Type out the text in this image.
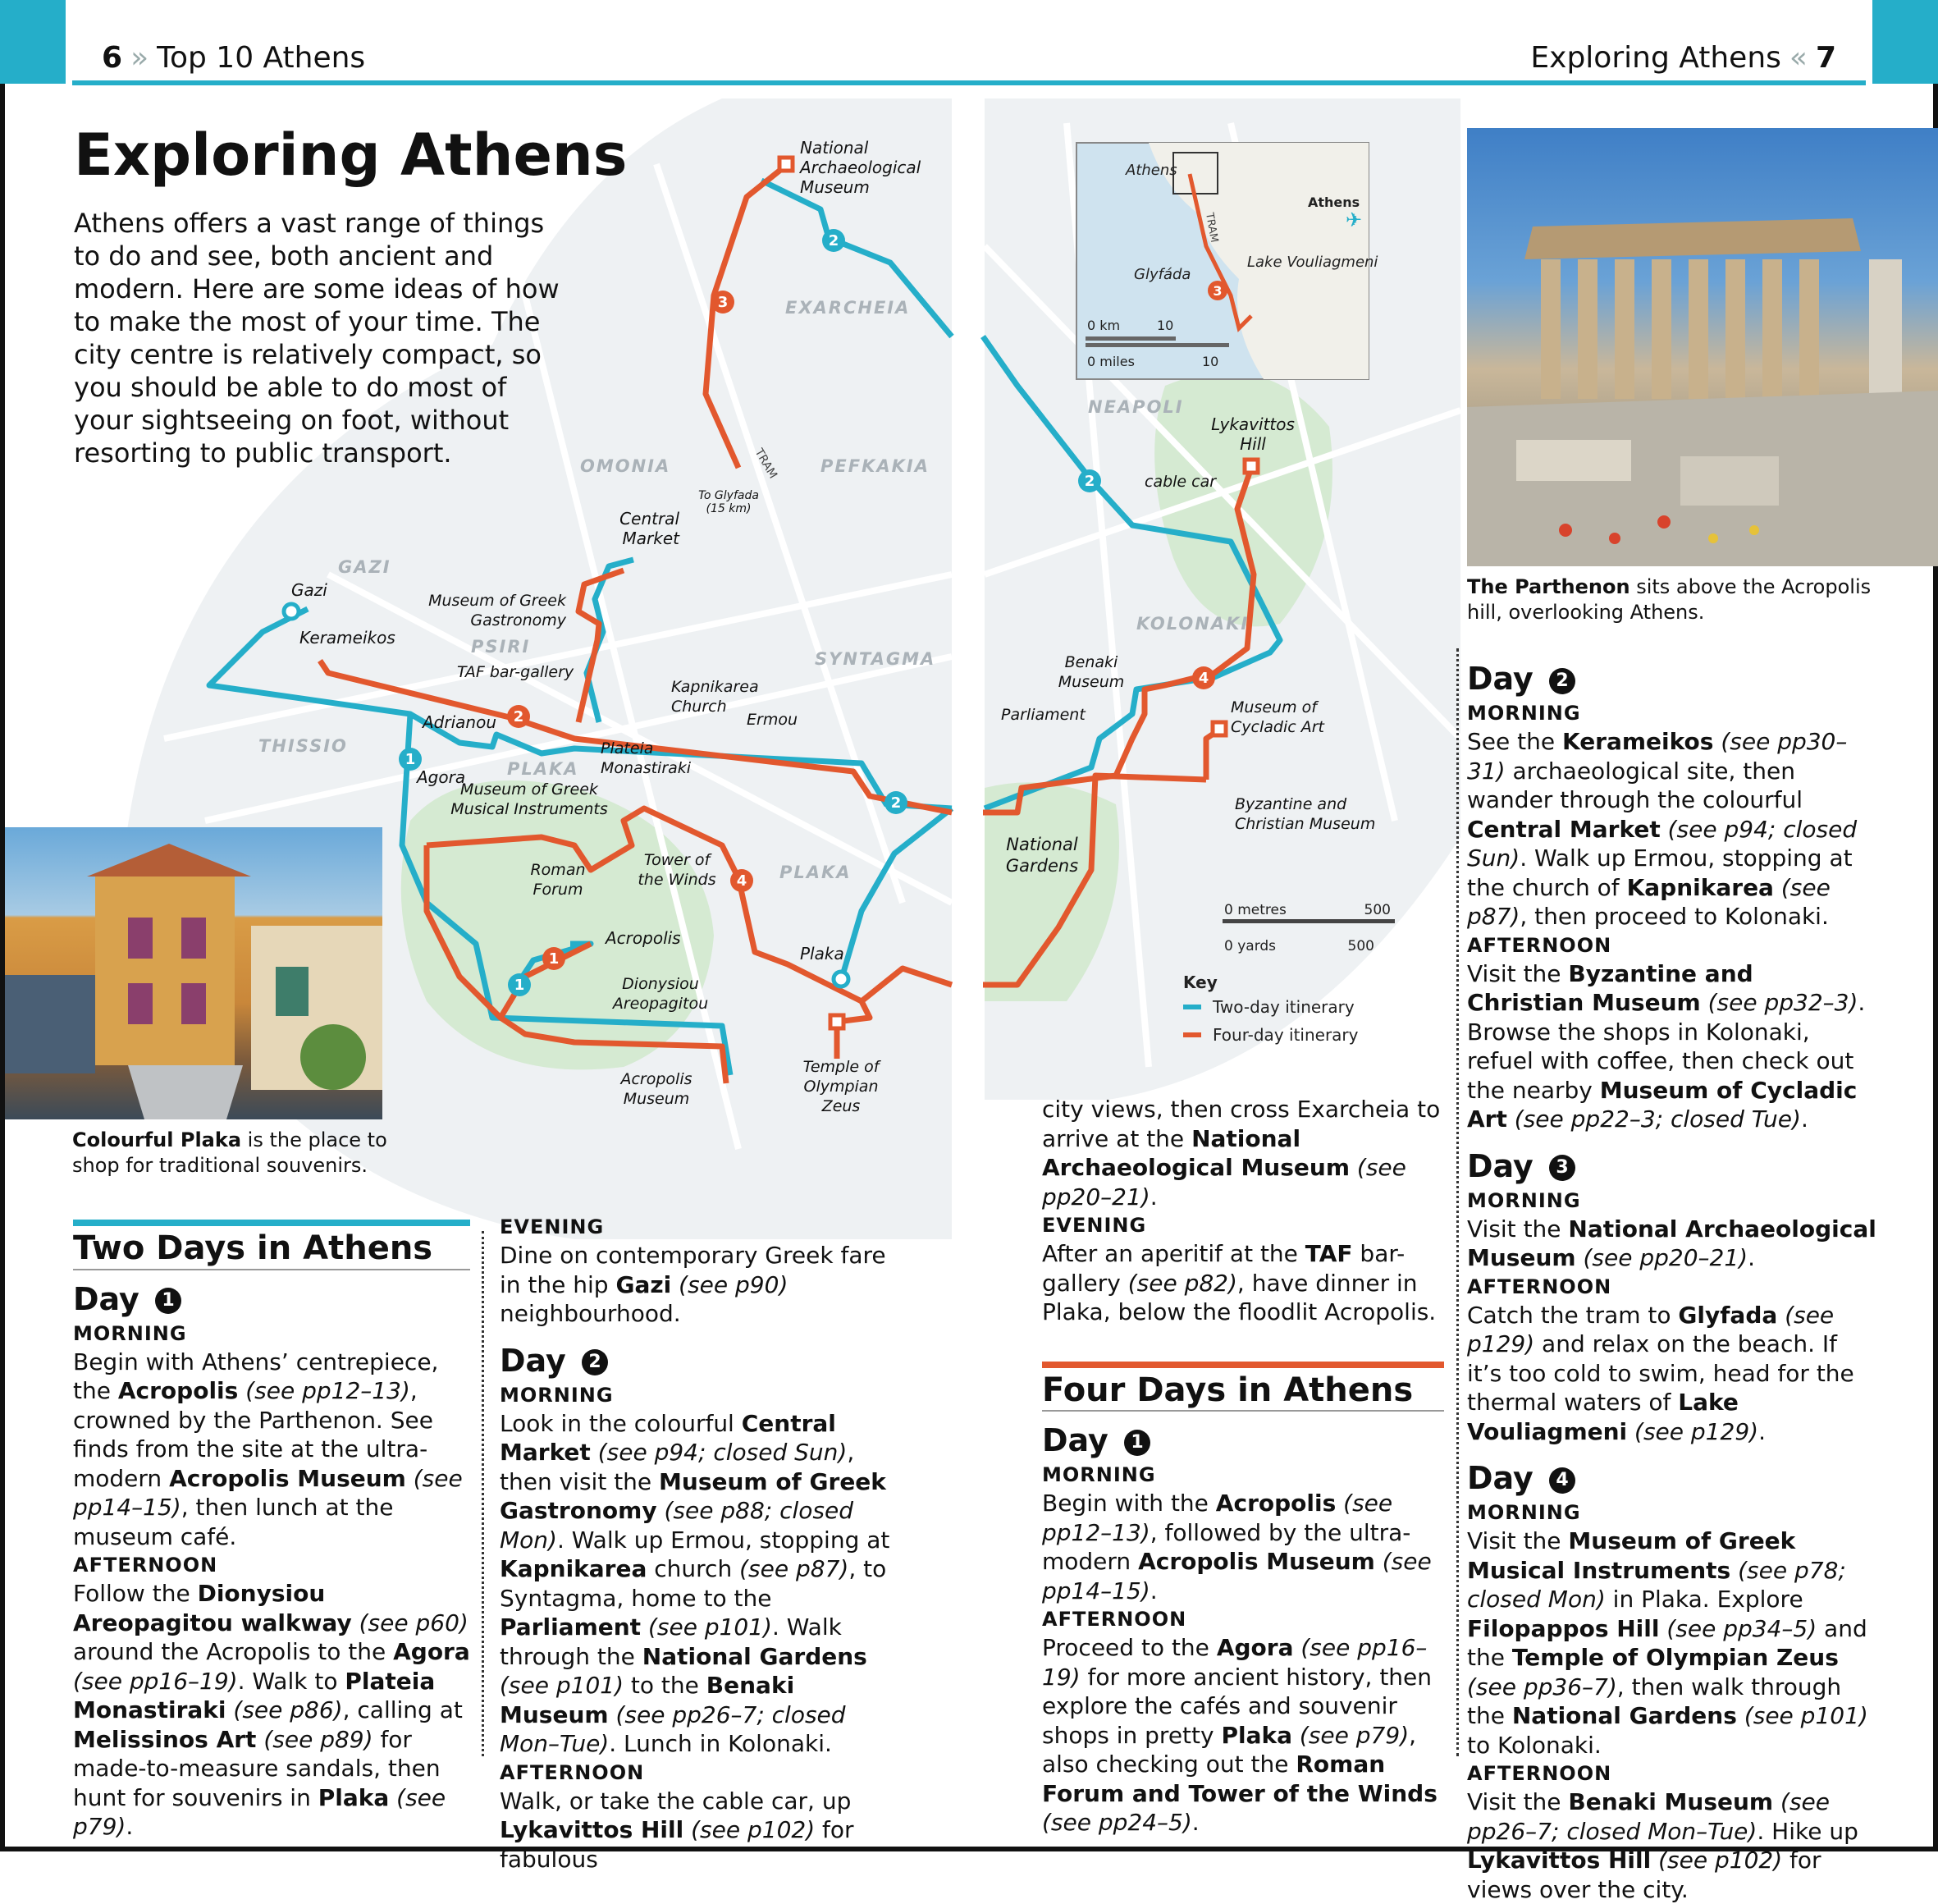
6 » Top 10 Athens	Exploring Athens « 7
2
3
2
1
2
4
1
1
2
4
EXARCHEIA
OMONIA	PEFKAKIA
GAZI
PSIRI
THISSIO
PLAKA
SYNTAGMA
PLAKA
NEAPOLI
KOLONAKI
National Archaeological Museum
Central Market
Museum of Greek Gastronomy
TAF bar-gallery
Gazi
Kerameikos
Adrianou
Plateia Monastiraki
Kapnikarea Church
Ermou
Agora
Museum of Greek Musical Instruments
Roman Forum
Tower of the Winds
Acropolis
Dionysiou Areopagitou
Acropolis Museum
Plaka
Temple of Olympian Zeus
Parliament
National Gardens
Benaki Museum
Museum of Cycladic Art
Byzantine and Christian Museum
Lykavittos Hill
cable car
To Glyfada (15 km)
TRAM
0 metres	500
0 yards	500
Key
Two-day itinerary
Four-day itinerary
3
Athens
Athens
Glyfáda
Lake Vouliagmeni
0 km	10
0 miles	10
TRAM	✈
Exploring Athens
Athens offers a vast range of things to do and see, both ancient and modern. Here are some ideas of how to make the most of your time. The city centre is relatively compact, so you should be able to do most of your sightseeing on foot, without resorting to public transport.
Colourful Plaka is the place to shop for traditional souvenirs.
The Parthenon sits above the Acropolis hill, overlooking Athens.
Two Days in Athens
Day 1
MORNING

Begin with Athens’ centrepiece, the Acropolis (see pp12–13), crowned by the Parthenon. See finds from the site at the ultra-modern Acropolis Museum (see pp14–15), then lunch at the museum café.

AFTERNOON

Follow the Dionysiou Areopagitou walkway (see p60) around the Acropolis to the Agora (see pp16–19). Walk to Plateia Monastiraki (see p86), calling at Melissinos Art (see p89) for made-to-measure sandals, then hunt for souvenirs in Plaka (see p79).

EVENING

Dine on contemporary Greek fare in the hip Gazi (see p90) neighbourhood.

Day 2
MORNING

Look in the colourful Central Market (see p94; closed Sun), then visit the Museum of Greek Gastronomy (see p88; closed Mon). Walk up Ermou, stopping at Kapnikarea church (see p87), to Syntagma, home to the Parliament (see p101). Walk through the National Gardens (see p101) to the Benaki Museum (see pp26–7; closed Mon–Tue). Lunch in Kolonaki.

AFTERNOON

Walk, or take the cable car, up Lykavittos Hill (see p102) for fabulous

city views, then cross Exarcheia to arrive at the National Archaeological Museum (see pp20–21).

EVENING

After an aperitif at the TAF bar-gallery (see p82), have dinner in Plaka, below the floodlit Acropolis.

Four Days in Athens
Day 1
MORNING

Begin with the Acropolis (see pp12–13), followed by the ultra-modern Acropolis Museum (see pp14–15).

AFTERNOON

Proceed to the Agora (see pp16–19) for more ancient history, then explore the cafés and souvenir shops in pretty Plaka (see p79), also checking out the Roman Forum and Tower of the Winds (see pp24–5).

Day 2
MORNING

See the Kerameikos (see pp30–31) archaeological site, then wander through the colourful Central Market (see p94; closed Sun). Walk up Ermou, stopping at the church of Kapnikarea (see p87), then proceed to Kolonaki.

AFTERNOON

Visit the Byzantine and Christian Museum (see pp32–3). Browse the shops in Kolonaki, refuel with coffee, then check out the nearby Museum of Cycladic Art (see pp22–3; closed Tue).

Day 3
MORNING

Visit the National Archaeological Museum (see pp20–21).

AFTERNOON

Catch the tram to Glyfada (see p129) and relax on the beach. If it’s too cold to swim, head for the thermal waters of Lake Vouliagmeni (see p129).

Day 4
MORNING

Visit the Museum of Greek Musical Instruments (see p78; closed Mon) in Plaka. Explore Filopappos Hill (see pp34–5) and the Temple of Olympian Zeus (see pp36–7), then walk through the National Gardens (see p101) to Kolonaki.

AFTERNOON

Visit the Benaki Museum (see pp26–7; closed Mon–Tue). Hike up Lykavittos Hill (see p102) for views over the city.
